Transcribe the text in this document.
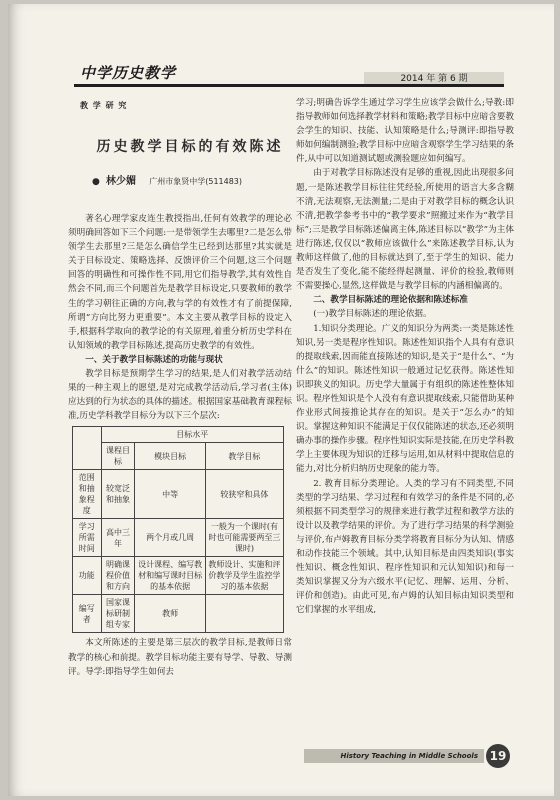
中学历史教学	2014 年 第 6 期
教 学 研 究
历史教学目标的有效陈述
● 林少媚 广州市象贤中学(511483)

著名心理学家皮连生教授指出,任何有效教学的理论必须明确回答如下三个问题:一是带领学生去哪里?二是怎么带领学生去那里?三是怎么确信学生已经到达那里?其实就是关于目标设定、策略选择、反馈评价三个问题,这三个问题回答的明确性和可操作性不同,用它们指导教学,其有效性自然会不同,而三个问题首先是教学目标设定,只要教师的教学生的学习朝往正确的方向,教与学的有效性才有了前提保障,所谓“方向比努力更重要”。本文主要从教学目标的设定入手,根据科学取向的教学论的有关原理,着重分析历史学科在认知领域的教学目标陈述,提高历史教学的有效性。

一、关于教学目标陈述的功能与现状

教学目标是预期学生学习的结果,是人们对教学活动结果的一种主观上的愿望,是对完成教学活动后,学习者(主体)应达到的行为状态的具体的描述。根据国家基础教育课程标准,历史学科教学目标分为以下三个层次:

	目标水平		
	课程目标	模块目标	教学目标
范围和抽象程度	较宽泛和抽象	中等	较狭窄和具体
学习所需时间	高中三年	两个月或几周	一般为一个课时(有时也可能需要两至三课时)
功能	明确课程价值和方向	设计课程、编写教材和编写课时目标的基本依据	教师设计、实施和评价教学及学生监控学习的基本依据
编写者	国家课标研制组专家	教师	

本文所陈述的主要是第三层次的教学目标,是教师日常教学的核心和前提。教学目标功能主要有导学、导教、导测评。导学:即指导学生如何去

学习;明确告诉学生通过学习学生应该学会做什么;导教:即指导教师如何选择教学材料和策略;教学目标中应暗含要教会学生的知识、技能、认知策略是什么;导测评:即指导教师如何编制测验;教学目标中应暗含观察学生学习结果的条件,从中可以知道测试题或测验题应如何编写。

由于对教学目标陈述没有足够的重视,因此出现很多问题,一是陈述教学目标往往凭经验,所使用的语言大多含糊不清,无法观察,无法测量;二是由于对教学目标的概念认识不清,把教学参考书中的“教学要求”照搬过来作为“教学目标”;三是教学目标陈述偏离主体,陈述目标以“教学”为主体进行陈述,仅仅以“教师应该做什么”来陈述教学目标,认为教师这样做了,他的目标就达到了,至于学生的知识、能力是否发生了变化,能不能经得起测量、评价的检验,教师则不需要操心,显然,这样做是与教学目标的内涵相偏离的。

二、教学目标陈述的理论依据和陈述标准

(一)教学目标陈述的理论依据。

1.知识分类理论。广义的知识分为两类:一类是陈述性知识,另一类是程序性知识。陈述性知识指个人具有有意识的提取线索,因而能直接陈述的知识,是关于“是什么”、“为什么”的知识。陈述性知识一般通过记忆获得。陈述性知识即狭义的知识。历史学大量属于有组织的陈述性整体知识。程序性知识是个人没有有意识提取线索,只能借助某种作业形式间接推论其存在的知识。是关于“怎么办”的知识。掌握这种知识不能满足于仅仅能陈述的状态,还必须明确办事的操作步骤。程序性知识实际是技能,在历史学科教学上主要体现为知识的迁移与运用,如从材料中提取信息的能力,对比分析归纳历史现象的能力等。

2. 教育目标分类理论。人类的学习有不同类型,不同类型的学习结果、学习过程和有效学习的条件是不同的,必须根据不同类型学习的规律来进行教学过程和教学方法的设计以及教学结果的评价。为了进行学习结果的科学测验与评价,布卢姆教育目标分类学将教育目标分为认知、情感和动作技能三个领域。其中,认知目标是由四类知识(事实性知识、概念性知识、程序性知识和元认知知识)和每一类知识掌握又分为六级水平(记忆、理解、运用、分析、评价和创造)。由此可见,布卢姆的认知目标由知识类型和它们掌握的水平组成,

History Teaching in Middle Schools 19
